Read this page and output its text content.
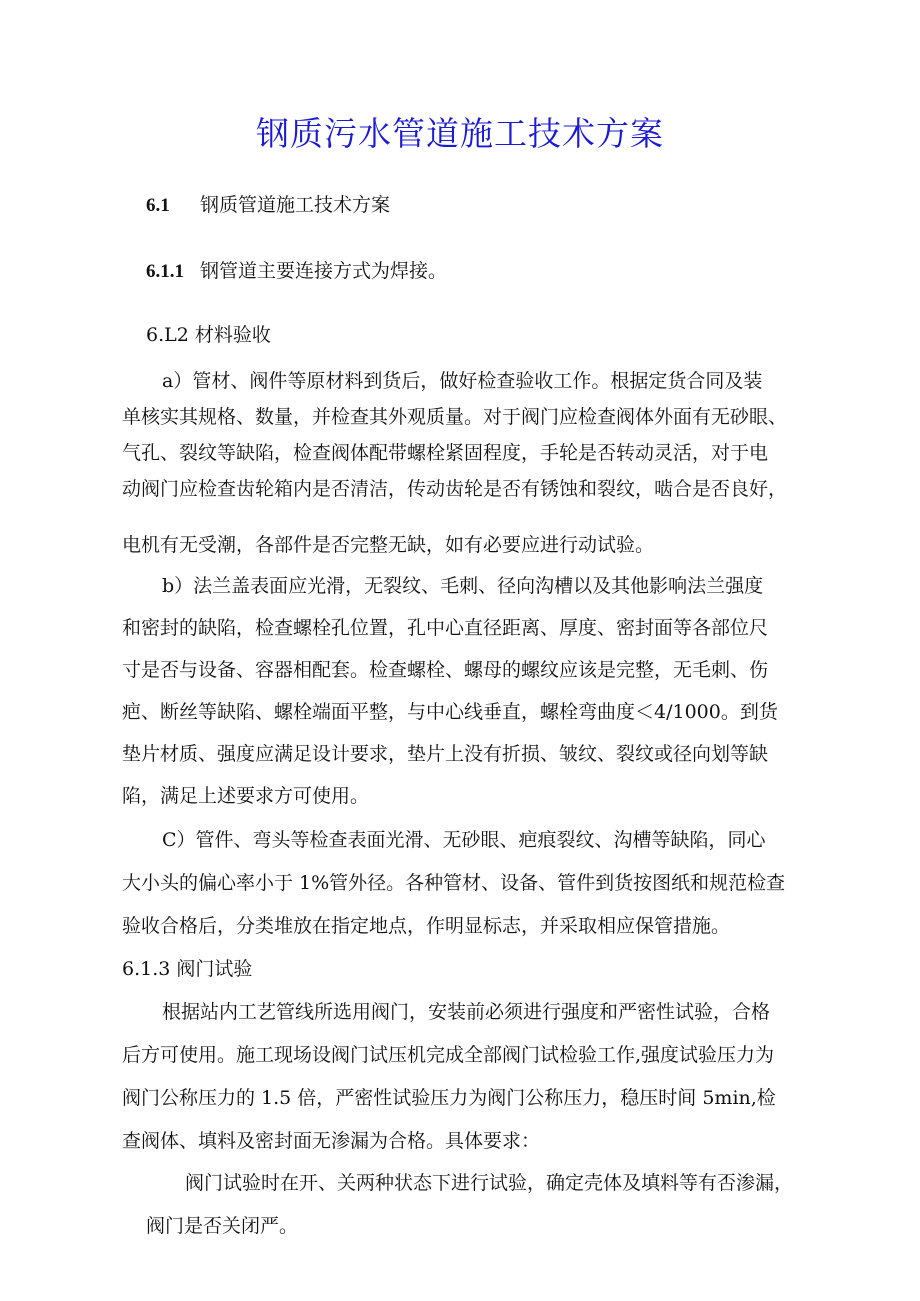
钢质污水管道施工技术方案
6.1 钢质管道施工技术方案
6.1.1 钢管道主要连接方式为焊接。
6.L2 材料验收
a）管材、阀件等原材料到货后，做好检查验收工作。根据定货合同及装
单核实其规格、数量，并检查其外观质量。对于阀门应检查阀体外面有无砂眼、
气孔、裂纹等缺陷，检查阀体配带螺栓紧固程度，手轮是否转动灵活，对于电
动阀门应检查齿轮箱内是否清洁，传动齿轮是否有锈蚀和裂纹，啮合是否良好，
电机有无受潮，各部件是否完整无缺，如有必要应进行动试验。
b）法兰盖表面应光滑，无裂纹、毛刺、径向沟槽以及其他影响法兰强度
和密封的缺陷，检查螺栓孔位置，孔中心直径距离、厚度、密封面等各部位尺
寸是否与设备、容器相配套。检查螺栓、螺母的螺纹应该是完整，无毛刺、伤
疤、断丝等缺陷、螺栓端面平整，与中心线垂直，螺栓弯曲度＜4/1000。到货
垫片材质、强度应满足设计要求，垫片上没有折损、皱纹、裂纹或径向划等缺
陷，满足上述要求方可使用。
C）管件、弯头等检查表面光滑、无砂眼、疤痕裂纹、沟槽等缺陷，同心
大小头的偏心率小于 1%管外径。各种管材、设备、管件到货按图纸和规范检查
验收合格后，分类堆放在指定地点，作明显标志，并采取相应保管措施。
6.1.3 阀门试验
根据站内工艺管线所选用阀门，安装前必须进行强度和严密性试验，合格
后方可使用。施工现场设阀门试压机完成全部阀门试检验工作,强度试验压力为
阀门公称压力的 1.5 倍，严密性试验压力为阀门公称压力，稳压时间 5min,检
查阀体、填料及密封面无渗漏为合格。具体要求：
阀门试验时在开、关两种状态下进行试验，确定壳体及填料等有否渗漏，
阀门是否关闭严。
